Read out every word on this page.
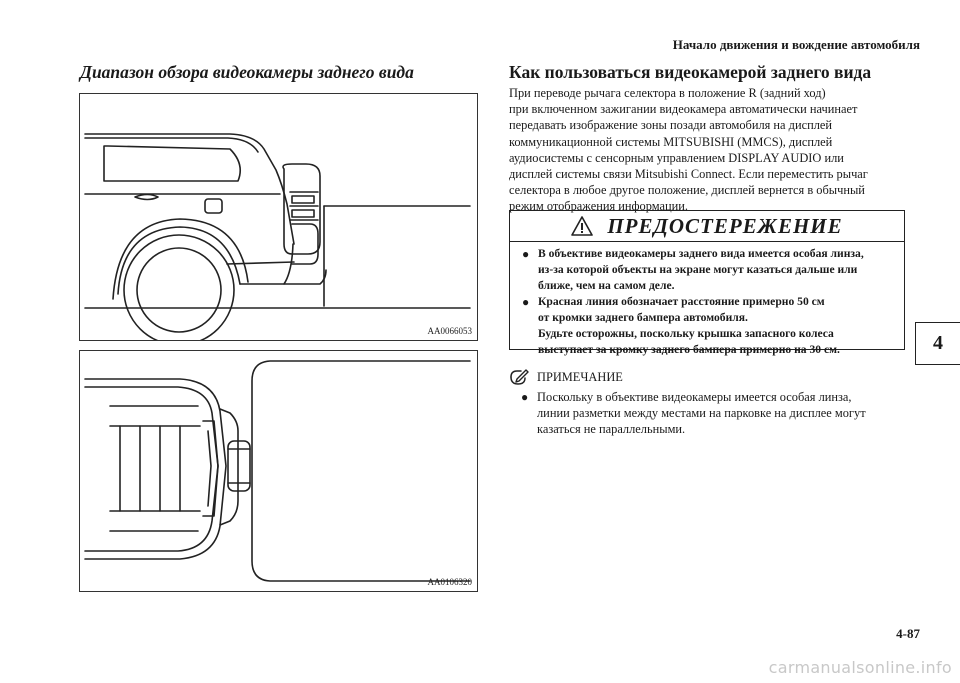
Начало движения и вождение автомобиля
Диапазон обзора видеокамеры заднего вида
AA0066053
AA0106320
Как пользоваться видеокамерой заднего вида
При переводе рычага селектора в положение R (задний ход)
при включенном зажигании видеокамера автоматически начинает
передавать изображение зоны позади автомобиля на дисплей
коммуникационной системы MITSUBISHI (MMCS), дисплей
аудиосистемы с сенсорным управлением DISPLAY AUDIO или
дисплей системы связи Mitsubishi Connect. Если переместить рычаг
селектора в любое другое положение, дисплей вернется в обычный
режим отображения информации.
ПРЕДОСТЕРЕЖЕНИЕ
● В объективе видеокамеры заднего вида имеется особая линза,
из-за которой объекты на экране могут казаться дальше или
ближе, чем на самом деле.
● Красная линия обозначает расстояние примерно 50 см
от кромки заднего бампера автомобиля.
Будьте осторожны, поскольку крышка запасного колеса
выступает за кромку заднего бампера примерно на 30 см.
ПРИМЕЧАНИЕ
● Поскольку в объективе видеокамеры имеется особая линза,
линии разметки между местами на парковке на дисплее могут
казаться не параллельными.
4
4-87
carmanualsonline.info
